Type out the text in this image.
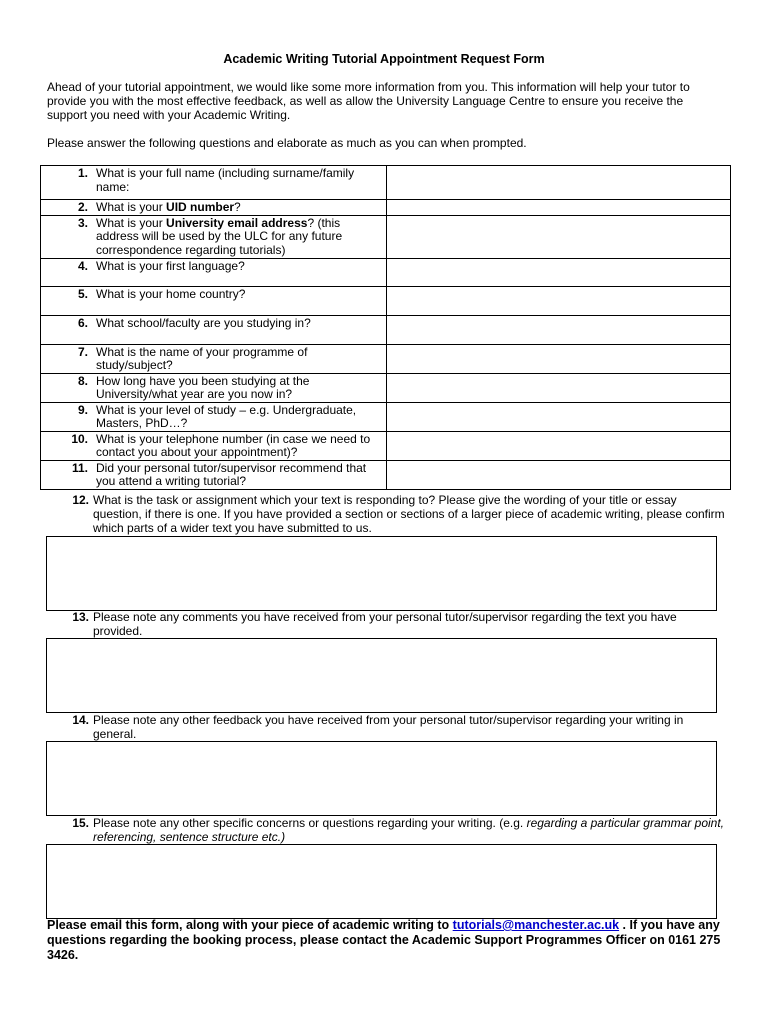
Academic Writing Tutorial Appointment Request Form
Ahead of your tutorial appointment, we would like some more information from you. This information will help your tutor to provide you with the most effective feedback, as well as allow the University Language Centre to ensure you receive the support you need with your Academic Writing.
Please answer the following questions and elaborate as much as you can when prompted.
1.	What is your full name (including surname/family name:	
2.	What is your UID number?	
3.	What is your University email address? (this address will be used by the ULC for any future correspondence regarding tutorials)	
4.	What is your first language?	
5.	What is your home country?	
6.	What school/faculty are you studying in?	
7.	What is the name of your programme of study/subject?	
8.	How long have you been studying at the University/what year are you now in?	
9.	What is your level of study – e.g. Undergraduate, Masters, PhD…?	
10.	What is your telephone number (in case we need to contact you about your appointment)?	
11.	Did your personal tutor/supervisor recommend that you attend a writing tutorial?	
12. What is the task or assignment which your text is responding to? Please give the wording of your title or essay question, if there is one. If you have provided a section or sections of a larger piece of academic writing, please confirm which parts of a wider text you have submitted to us.
13. Please note any comments you have received from your personal tutor/supervisor regarding the text you have provided.
14. Please note any other feedback you have received from your personal tutor/supervisor regarding your writing in general.
15. Please note any other specific concerns or questions regarding your writing. (e.g. regarding a particular grammar point, referencing, sentence structure etc.)
Please email this form, along with your piece of academic writing to tutorials@manchester.ac.uk . If you have any questions regarding the booking process, please contact the Academic Support Programmes Officer on 0161 275 3426.
